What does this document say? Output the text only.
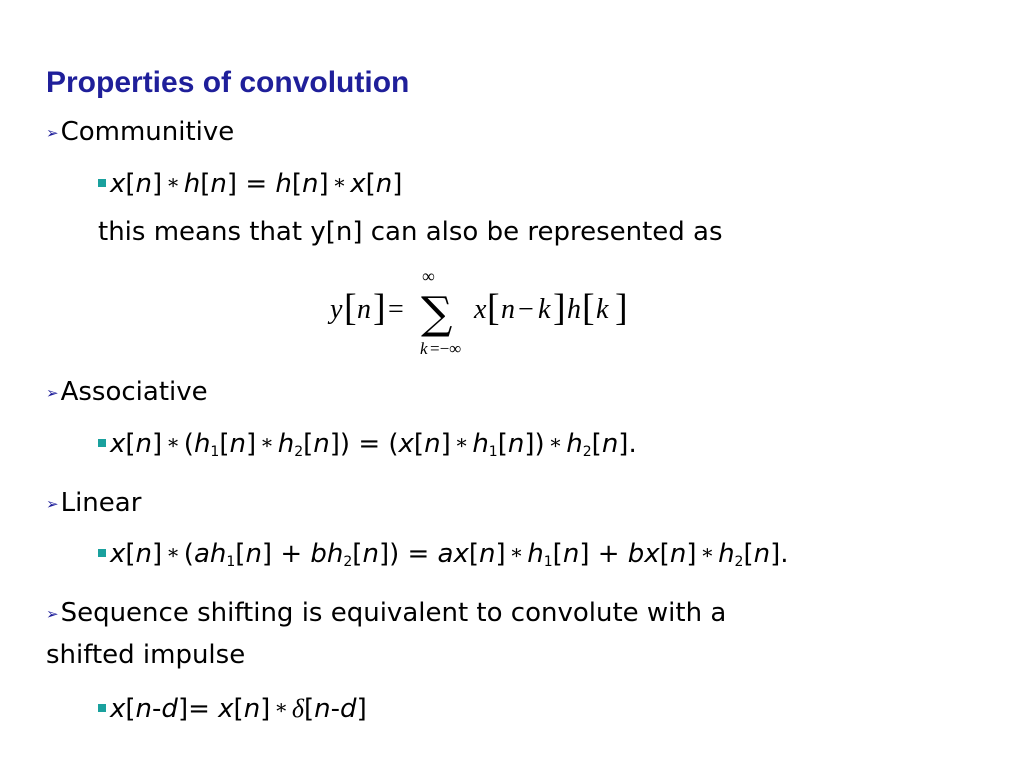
Properties of convolution
➢Communitive
x[n] ∗ h[n] = h[n] ∗ x[n]
this means that y[n] can also be represented as
y [ n ] =
∞
∑
k =−∞
x [ n − k ] h [ k ]
➢Associative
x[n] ∗ ($h_1[n]$ ∗ $h_2[n]) = (x[n]$ ∗ $h_1[n]$) ∗ $h_2[n]$.
➢Linear
x[n] ∗ $(ah_1[n] + bh_2[n]) = ax[n]$ ∗ $h_1[n] + bx[n]$ ∗ $h_2[n]$.
➢Sequence shifting is equivalent to convolute with a
shifted impulse
x[n-d]= x[n] ∗ δ[n-d]
